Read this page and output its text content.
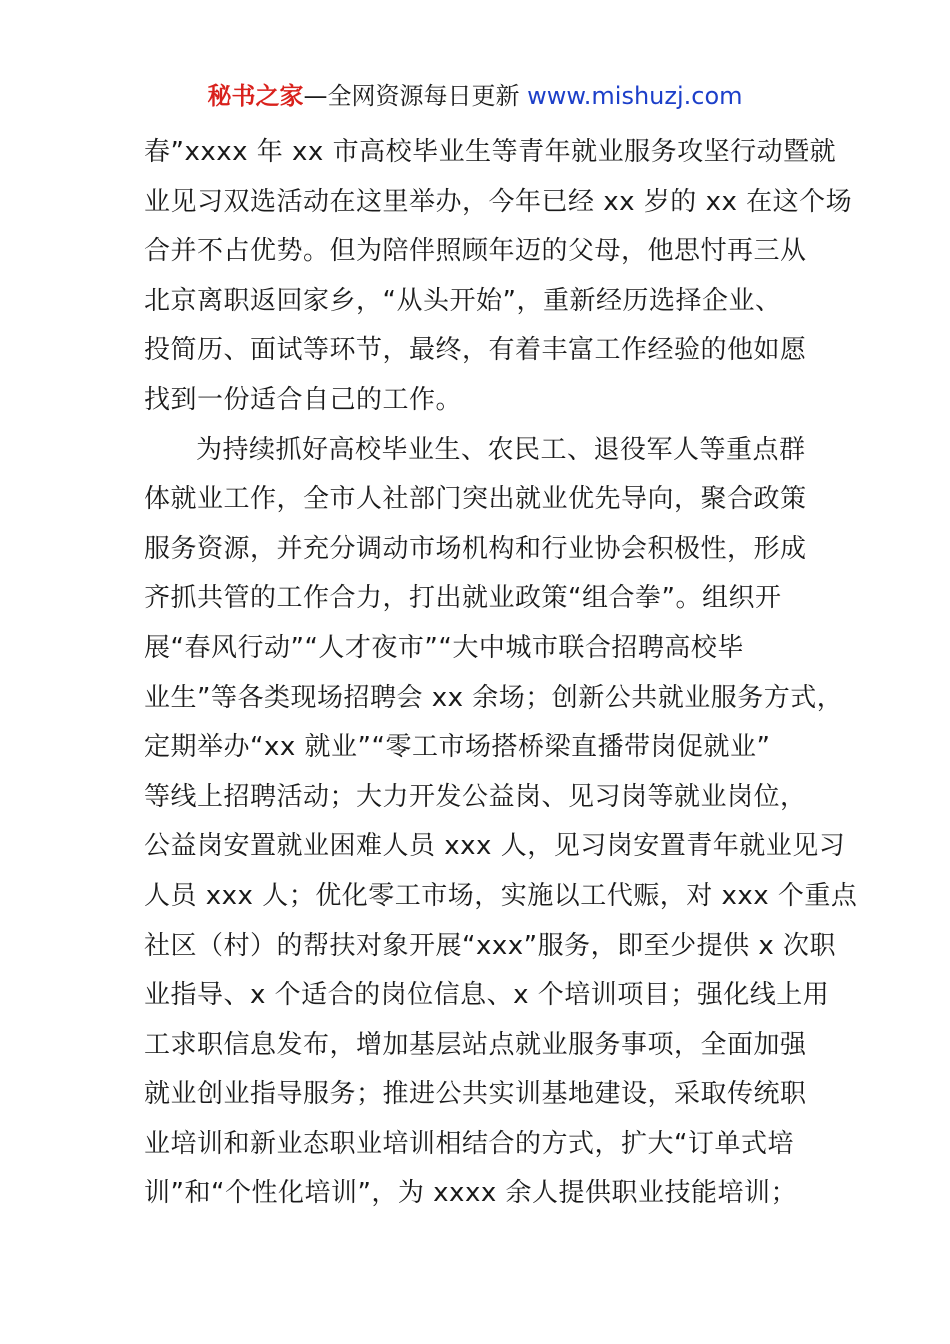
秘书之家—全网资源每日更新 www.mishuzj.com
春”xxxx 年 xx 市高校毕业生等青年就业服务攻坚行动暨就
业见习双选活动在这里举办，今年已经 xx 岁的 xx 在这个场
合并不占优势。但为陪伴照顾年迈的父母，他思忖再三从
北京离职返回家乡，“从头开始”，重新经历选择企业、
投简历、面试等环节，最终，有着丰富工作经验的他如愿
找到一份适合自己的工作。
为持续抓好高校毕业生、农民工、退役军人等重点群
体就业工作，全市人社部门突出就业优先导向，聚合政策
服务资源，并充分调动市场机构和行业协会积极性，形成
齐抓共管的工作合力，打出就业政策“组合拳”。组织开
展“春风行动”“人才夜市”“大中城市联合招聘高校毕
业生”等各类现场招聘会 xx 余场；创新公共就业服务方式，
定期举办“xx 就业”“零工市场搭桥梁直播带岗促就业”
等线上招聘活动；大力开发公益岗、见习岗等就业岗位，
公益岗安置就业困难人员 xxx 人，见习岗安置青年就业见习
人员 xxx 人；优化零工市场，实施以工代赈，对 xxx 个重点
社区（村）的帮扶对象开展“xxx”服务，即至少提供 x 次职
业指导、x 个适合的岗位信息、x 个培训项目；强化线上用
工求职信息发布，增加基层站点就业服务事项，全面加强
就业创业指导服务；推进公共实训基地建设，采取传统职
业培训和新业态职业培训相结合的方式，扩大“订单式培
训”和“个性化培训”，为 xxxx 余人提供职业技能培训；
